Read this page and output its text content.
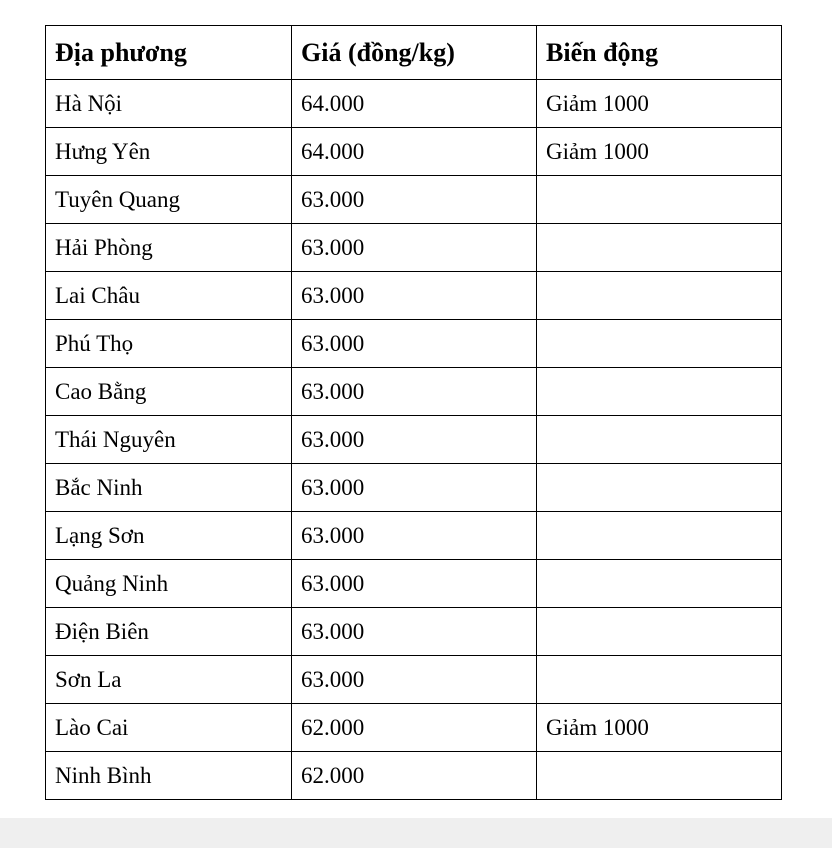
Địa phương	Giá (đồng/kg)	Biến động
Hà Nội	64.000	Giảm 1000
Hưng Yên	64.000	Giảm 1000
Tuyên Quang	63.000	
Hải Phòng	63.000	
Lai Châu	63.000	
Phú Thọ	63.000	
Cao Bằng	63.000	
Thái Nguyên	63.000	
Bắc Ninh	63.000	
Lạng Sơn	63.000	
Quảng Ninh	63.000	
Điện Biên	63.000	
Sơn La	63.000	
Lào Cai	62.000	Giảm 1000
Ninh Bình	62.000	
